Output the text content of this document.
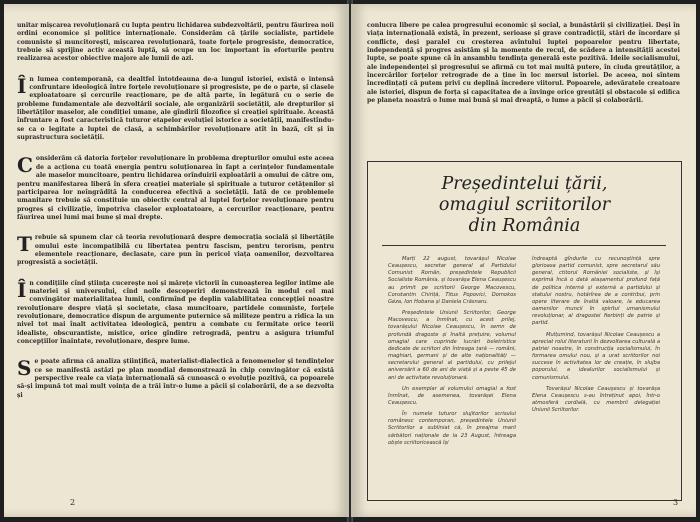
unitar mișcarea revoluționară cu lupta pentru lichidarea subdezvoltării, pentru făurirea noii ordini economice și politice internaționale. Considerăm că țările socialiste, partidele comuniste și muncitorești, mișcarea revoluționară, toate forțele progresiste, democratice, trebuie să sprijine activ această luptă, să ocupe un loc important în eforturile pentru realizarea acestor obiective majore ale lumii de azi.

Î n lumea contemporană, ca dealtfel întotdeauna de-a lungul istoriei, există o intensă confruntare ideologică între forțele revoluționare și progresiste, pe de o parte, și clasele exploatatoare și cercurile reacționare, pe de altă parte, în legătură cu o serie de probleme fundamentale ale dezvoltării sociale, ale organizării societății, ale drepturilor și libertăților maselor, ale condiției umane, ale gîndirii filozofice și creației spirituale. Această înfruntare a fost caracteristică tuturor etapelor evoluției istorice a societății, manifestîndu-se ca o legitate a luptei de clasă, a schimbărilor revoluționare atît în bază, cît și în suprastructura societății.

C onsiderăm că datoria forțelor revoluționare în problema drepturilor omului este aceea de a acționa cu toată energia pentru soluționarea în fapt a cerințelor fundamentale ale maselor muncitoare, pentru lichidarea orînduirii exploatării a omului de către om, pentru manifestarea liberă în sfera creației materiale și spirituale a tuturor cetățenilor și participarea lor neîngrădită la conducerea efectivă a societății. Iată de ce problemele umanitare trebuie să constituie un obiectiv central al luptei forțelor revoluționare pentru progres și civilizație, împotriva claselor exploatatoare, a cercurilor reacționare, pentru făurirea unei lumi mai bune și mai drepte.

T rebuie să spunem clar că teoria revoluționară despre democrația socială și libertățile omului este incompatibilă cu libertatea pentru fascism, pentru terorism, pentru elementele reacționare, declasate, care pun în pericol viața oamenilor, dezvoltarea progresistă a societății.

Î n condițiile cînd știința cucerește noi și mărețe victorii în cunoașterea legilor intime ale materiei și universului, cînd noile descoperiri demonstrează în modul cel mai convingător materialitatea lumii, confirmînd pe deplin valabilitatea concepției noastre revoluționare despre viață și societate, clasa muncitoare, partidele comuniste, forțele revoluționare, democratice dispun de argumente puternice să militeze pentru a ridica la un nivel tot mai înalt activitatea ideologică, pentru a combate cu fermitate orice teorii idealiste, obscurantiste, mistice, orice gîndire retrogradă, pentru a asigura triumful concepțiilor înaintate, revoluționare, despre lume.

S e poate afirma că analiza științifică, materialist-dialectică a fenomenelor și tendințelor ce se manifestă astăzi pe plan mondial demonstrează în chip convingător că există perspective reale ca viața internațională să cunoască o evoluție pozitivă, ca popoarele să-și impună tot mai mult voința de a trăi într-o lume a păcii și colaborării, de a se dezvolta și

2

conlucra libere pe calea progresului economic și social, a bunăstării și civilizației. Deși în viața internațională există, în prezent, serioase și grave contradicții, stări de încordare și conflicte, deși paralel cu creșterea avîntului luptei popoarelor pentru libertate, independență și progres asistăm și la momente de recul, de scădere a intensității acestei lupte, se poate spune că în ansamblu tendința generală este pozitivă. Ideile socialismului, ale independenței și progresului se afirmă cu tot mai multă putere, în ciuda greutăților, a încercărilor forțelor retrograde de a ține în loc mersul istoriei. De aceea, noi sîntem încredințați că putem privi cu deplină încredere viitorul. Popoarele, adevăratele creatoare ale istoriei, dispun de forța și capacitatea de a învinge orice greutăți și obstacole și edifica pe planeta noastră o lume mai bună și mai dreaptă, o lume a păcii și colaborării.

Președintelui țării,
omagiul scriitorilor
din România

Marți 22 august, tovarășul Nicolae Ceaușescu, secretar general al Partidului Comunist Român, președintele Republicii Socialiste România, și tovarășa Elena Ceaușescu au primit pe scriitorii George Macovescu, Constantin Chiriță, Titus Popovici, Domokos Géza, Ion Hobana și Daniela Crăsnaru.

Președintele Uniunii Scriitorilor, George Macovescu, a înmînat, cu acest prilej, tovarășului Nicolae Ceaușescu, în semn de profundă dragoste și înaltă prețuire, volumul omagial care cuprinde lucrări beletristice dedicate de scriitori din întreaga țară — români, maghiari, germani și de alte naționalități — secretarului general al partidului, cu prilejul aniversării a 60 de ani de viață și a peste 45 de ani de activitate revoluționară.

Un exemplar al volumului omagial a fost înmînat, de asemenea, tovarășei Elena Ceaușescu.

În numele tuturor slujitorilor scrisului românesc contemporan, președintele Uniunii Scriitorilor a subliniat că, în preajma marii sărbători naționale de la 23 August, întreaga obște scriitoricească își

îndreaptă gîndurile cu recunoștință spre glorioasa partid comunist, spre secretarul său general, ctitorul României socialiste, și își exprimă încă o dată atașamentul profund față de politica internă și externă a partidului și statului nostru, hotărîrea de a contribui, prin opere literare de înaltă valoare, la educarea oamenilor muncii în spiritul umanismului revoluționar, al dragostei fierbinți de patrie și partid.

Mulțumind, tovarășul Nicolae Ceaușescu a apreciat rolul literaturii în dezvoltarea culturală a patriei noastre, în construcția socialismului, în formarea omului nou, și a urat scriitorilor noi succese în activitatea lor de creație, în slujba poporului, a idealurilor socialismului și comunismului.

Tovarășul Nicolae Ceaușescu și tovarășa Elena Ceaușescu s-au întreținut apoi, într-o atmosferă cordială, cu membrii delegației Uniunii Scriitorilor.

3
